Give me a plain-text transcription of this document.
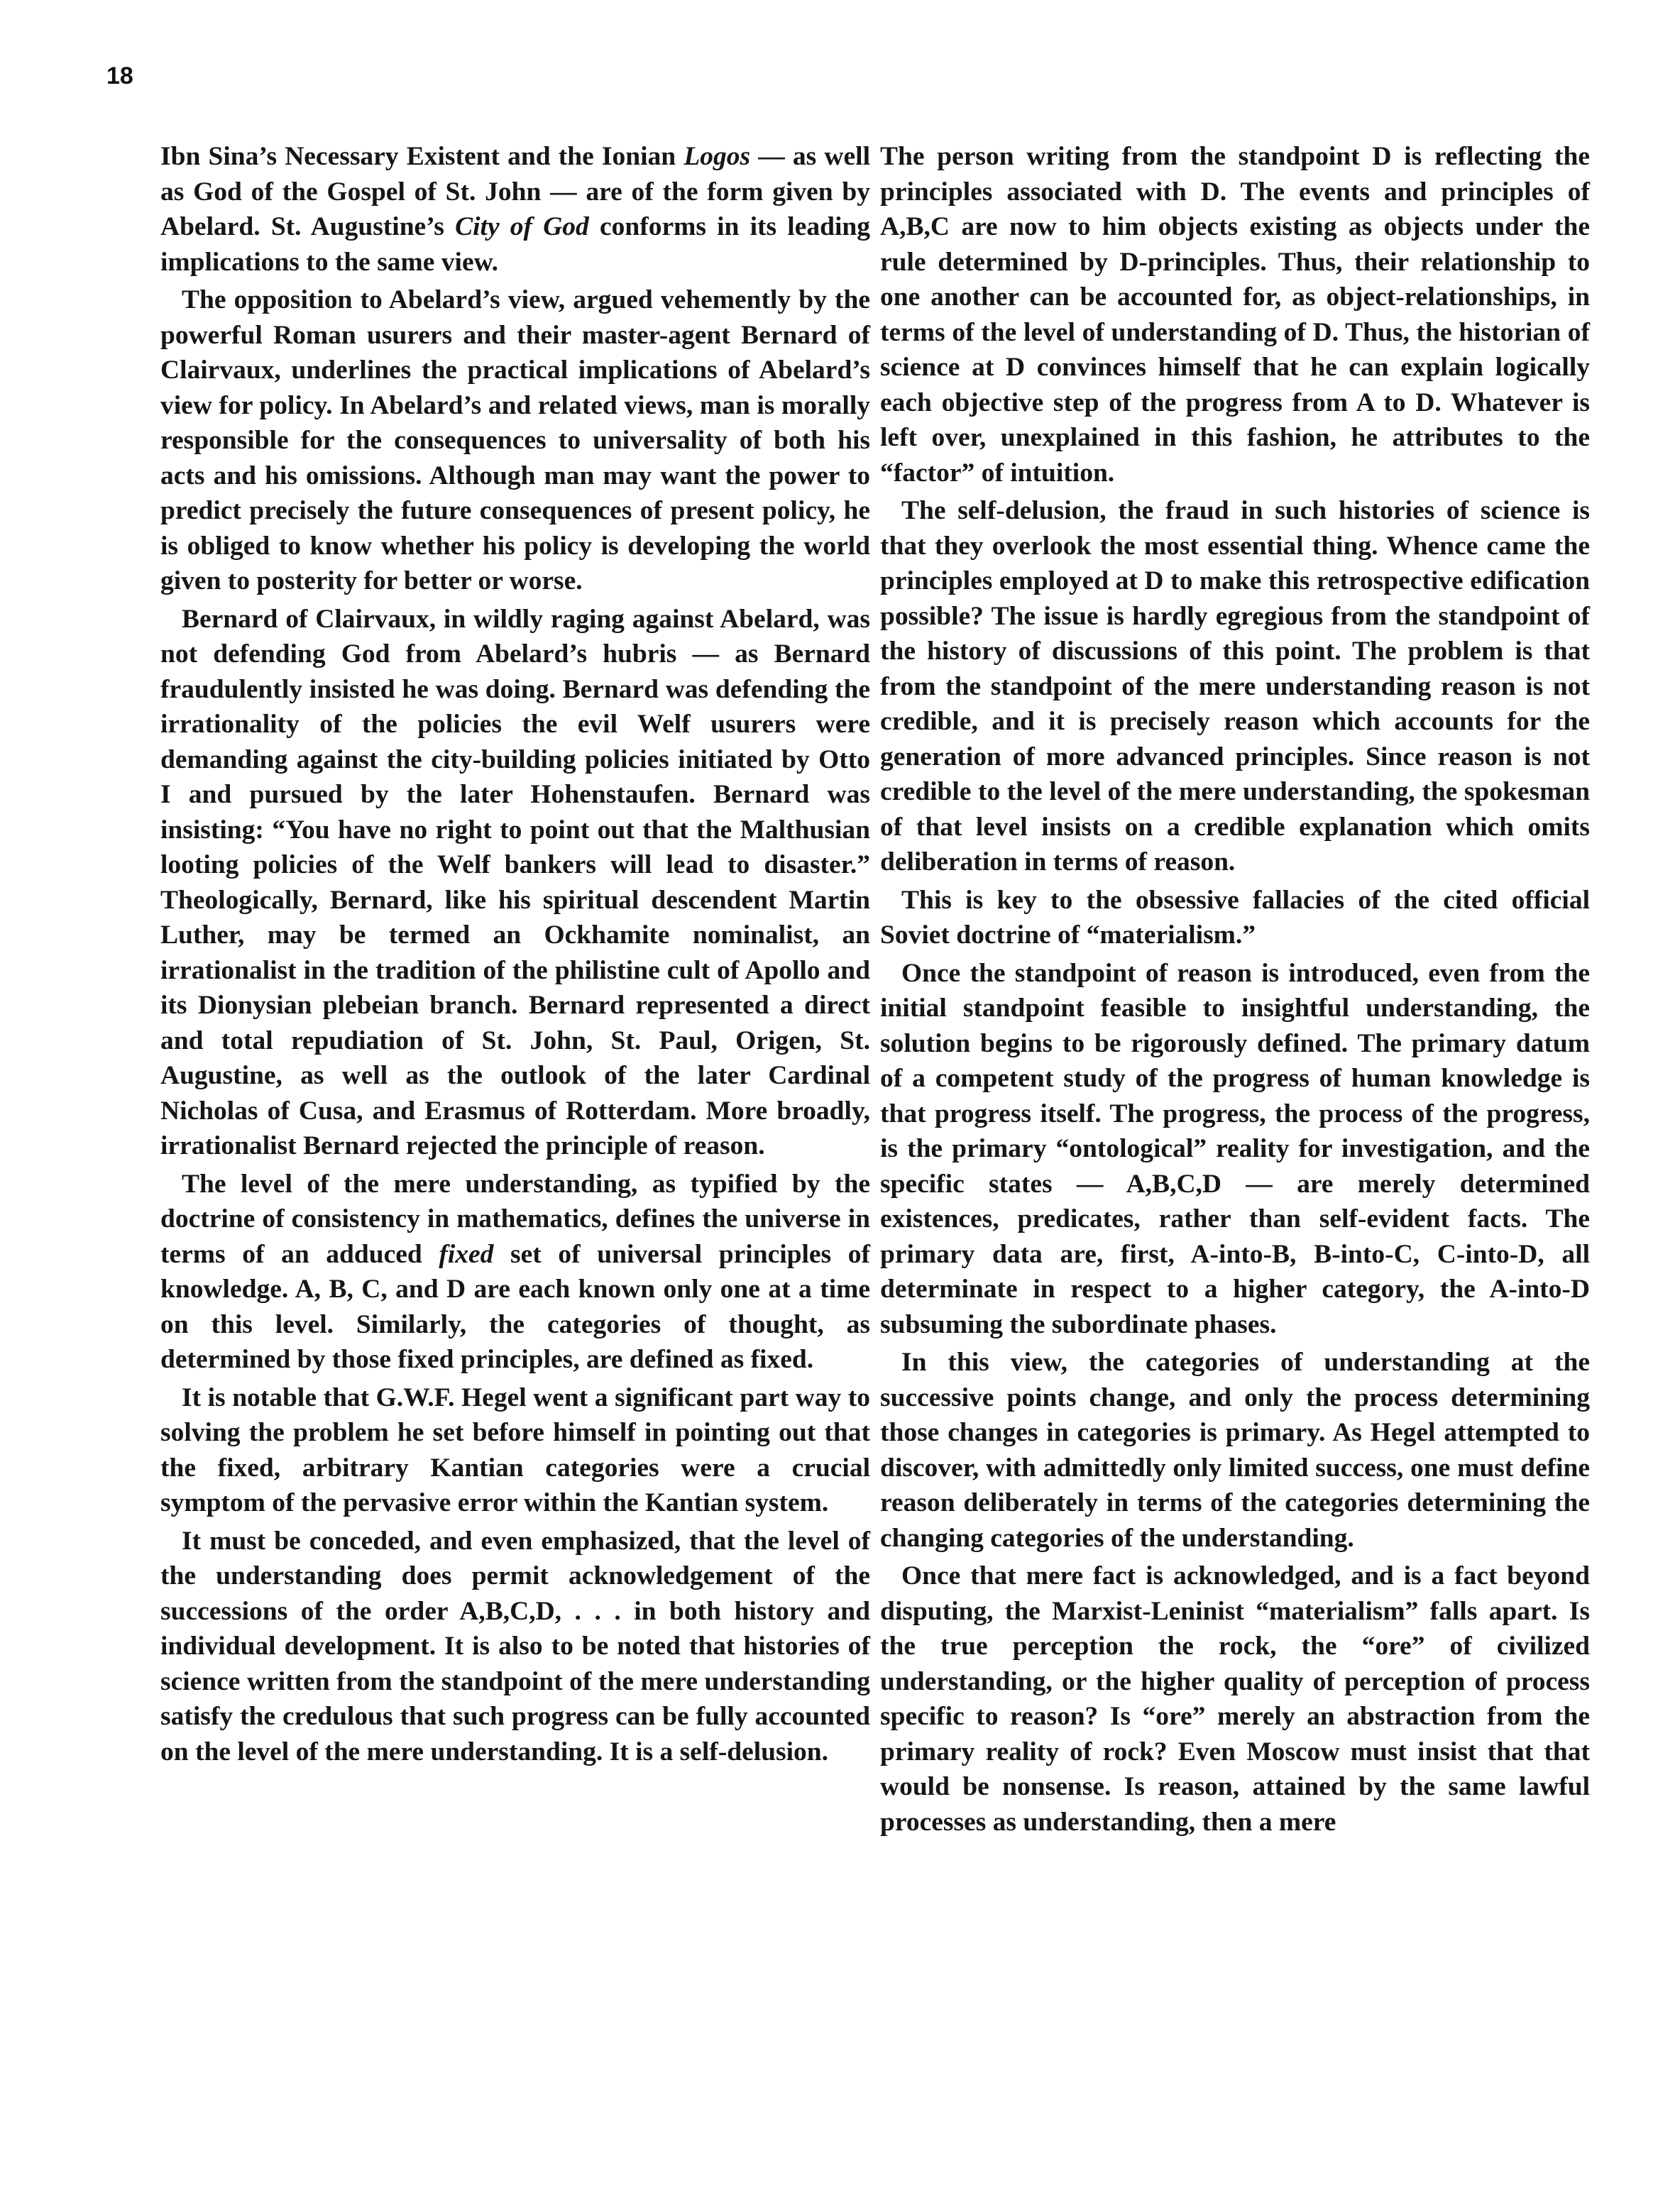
18

Ibn Sina’s Necessary Existent and the Ionian Logos — as well as God of the Gospel of St. John — are of the form given by Abelard. St. Augustine’s City of God conforms in its leading implications to the same view.

The opposition to Abelard’s view, argued vehemently by the powerful Roman usurers and their master-agent Bernard of Clairvaux, underlines the practical implications of Abelard’s view for policy. In Abelard’s and related views, man is morally responsible for the consequences to universality of both his acts and his omissions. Although man may want the power to predict precisely the future consequences of present policy, he is obliged to know whether his policy is developing the world given to posterity for better or worse.

Bernard of Clairvaux, in wildly raging against Abelard, was not defending God from Abelard’s hubris — as Bernard fraudulently insisted he was doing. Bernard was defending the irrationality of the policies the evil Welf usurers were demanding against the city-building policies initiated by Otto I and pursued by the later Hohenstaufen. Bernard was insisting: “You have no right to point out that the Malthusian looting policies of the Welf bankers will lead to disaster.” Theologically, Bernard, like his spiritual descendent Martin Luther, may be termed an Ockhamite nominalist, an irrationalist in the tradition of the philistine cult of Apollo and its Dionysian plebeian branch. Bernard represented a direct and total repudiation of St. John, St. Paul, Origen, St. Augustine, as well as the outlook of the later Cardinal Nicholas of Cusa, and Erasmus of Rotterdam. More broadly, irrationalist Bernard rejected the principle of reason.

The level of the mere understanding, as typified by the doctrine of consistency in mathematics, defines the universe in terms of an adduced fixed set of universal principles of knowledge. A, B, C, and D are each known only one at a time on this level. Similarly, the categories of thought, as determined by those fixed principles, are defined as fixed.

It is notable that G.W.F. Hegel went a significant part way to solving the problem he set before himself in pointing out that the fixed, arbitrary Kantian categories were a crucial symptom of the pervasive error within the Kantian system.

It must be conceded, and even emphasized, that the level of the understanding does permit acknowledgement of the successions of the order A,B,C,D, . . . in both history and individual development. It is also to be noted that histories of science written from the standpoint of the mere understanding satisfy the credulous that such progress can be fully accounted on the level of the mere understanding. It is a self-delusion.

The person writing from the standpoint D is reflecting the principles associated with D. The events and principles of A,B,C are now to him objects existing as objects under the rule determined by D-principles. Thus, their relationship to one another can be accounted for, as object-relationships, in terms of the level of understanding of D. Thus, the historian of science at D convinces himself that he can explain logically each objective step of the progress from A to D. Whatever is left over, unexplained in this fashion, he attributes to the “factor” of intuition.

The self-delusion, the fraud in such histories of science is that they overlook the most essential thing. Whence came the principles employed at D to make this retrospective edification possible? The issue is hardly egregious from the standpoint of the history of discussions of this point. The problem is that from the standpoint of the mere understanding reason is not credible, and it is precisely reason which accounts for the generation of more advanced principles. Since reason is not credible to the level of the mere understanding, the spokesman of that level insists on a credible explanation which omits deliberation in terms of reason.

This is key to the obsessive fallacies of the cited official Soviet doctrine of “materialism.”

Once the standpoint of reason is introduced, even from the initial standpoint feasible to insightful understanding, the solution begins to be rigorously defined. The primary datum of a competent study of the progress of human knowledge is that progress itself. The progress, the process of the progress, is the primary “ontological” reality for investigation, and the specific states — A,B,C,D — are merely determined existences, predicates, rather than self-evident facts. The primary data are, first, A-into-B, B-into-C, C-into-D, all determinate in respect to a higher category, the A-into-D subsuming the subordinate phases.

In this view, the categories of understanding at the successive points change, and only the process determining those changes in categories is primary. As Hegel attempted to discover, with admittedly only limited success, one must define reason deliberately in terms of the categories determining the changing categories of the understanding.

Once that mere fact is acknowledged, and is a fact beyond disputing, the Marxist-Leninist “materialism” falls apart. Is the true perception the rock, the “ore” of civilized understanding, or the higher quality of perception of process specific to reason? Is “ore” merely an abstraction from the primary reality of rock? Even Moscow must insist that that would be nonsense. Is reason, attained by the same lawful processes as understanding, then a mere
